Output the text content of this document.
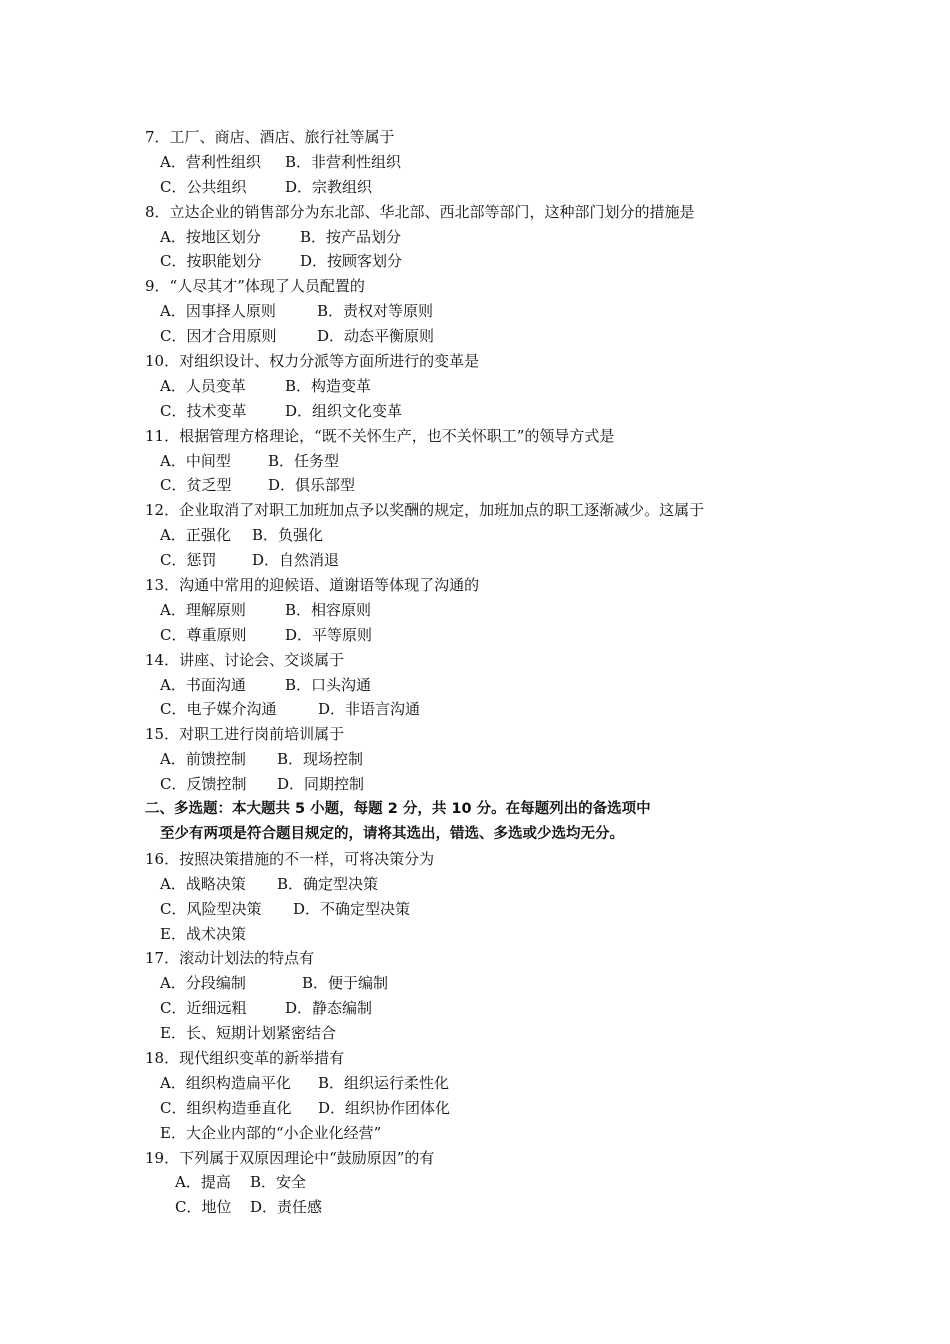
7．工厂、商店、酒店、旅行社等属于
A．营利性组织 B．非营利性组织
C．公共组织	D．宗教组织
8．立达企业的销售部分为东北部、华北部、西北部等部门，这种部门划分的措施是
A．按地区划分	B．按产品划分
C．按职能划分	D．按顾客划分
9．“人尽其才”体现了人员配置的
A．因事择人原则	B．责权对等原则
C．因才合用原则	D．动态平衡原则
10．对组织设计、权力分派等方面所进行的变革是
A．人员变革	B．构造变革
C．技术变革	D．组织文化变革
11．根据管理方格理论，“既不关怀生产，也不关怀职工”的领导方式是
A．中间型 B．任务型
C．贫乏型 D．俱乐部型
12．企业取消了对职工加班加点予以奖酬的规定，加班加点的职工逐渐减少。这属于
A．正强化 B．负强化
C．惩罚 D．自然消退
13．沟通中常用的迎候语、道谢语等体现了沟通的
A．理解原则	B．相容原则
C．尊重原则	D．平等原则
14．讲座、讨论会、交谈属于
A．书面沟通	B．口头沟通
C．电子媒介沟通	D．非语言沟通
15．对职工进行岗前培训属于
A．前馈控制 B．现场控制
C．反馈控制 D．同期控制
二、多选题：本大题共 5 小题，每题 2 分，共 10 分。在每题列出的备选项中
至少有两项是符合题目规定的，请将其选出，错选、多选或少选均无分。
16．按照决策措施的不一样，可将决策分为
A．战略决策 B．确定型决策
C．风险型决策 D．不确定型决策
E．战术决策
17．滚动计划法的特点有
A．分段编制	B．便于编制
C．近细远粗	D．静态编制
E．长、短期计划紧密结合
18．现代组织变革的新举措有
A．组织构造扁平化 B．组织运行柔性化
C．组织构造垂直化 D．组织协作团体化
E．大企业内部的“小企业化经营”
19．下列属于双原因理论中“鼓励原因”的有
A．提高 B．安全
C．地位 D．责任感
